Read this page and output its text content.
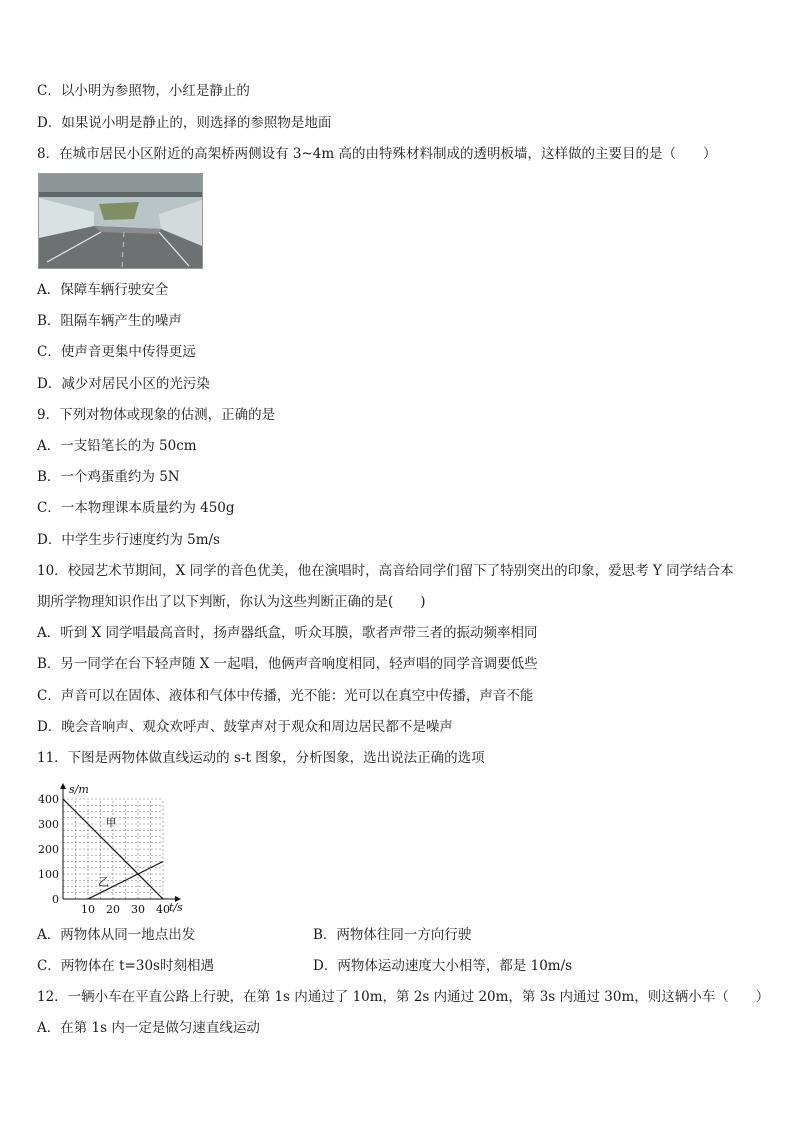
C．以小明为参照物，小红是静止的
D．如果说小明是静止的，则选择的参照物是地面
8．在城市居民小区附近的高架桥两侧设有 3~4m 高的由特殊材料制成的透明板墙，这样做的主要目的是（　　）
A．保障车辆行驶安全
B．阻隔车辆产生的噪声
C．使声音更集中传得更远
D．减少对居民小区的光污染
9．下列对物体或现象的估测，正确的是
A．一支铅笔长的为 50cm
B．一个鸡蛋重约为 5N
C．一本物理课本质量约为 450g
D．中学生步行速度约为 5m/s
10．校园艺术节期间，X 同学的音色优美，他在演唱时，高音给同学们留下了特别突出的印象，爱思考 Y 同学结合本
期所学物理知识作出了以下判断，你认为这些判断正确的是(　　)
A．听到 X 同学唱最高音时，扬声器纸盒，听众耳膜，歌者声带三者的振动频率相同
B．另一同学在台下轻声随 X 一起唱，他俩声音响度相同，轻声唱的同学音调要低些
C．声音可以在固体、液体和气体中传播，光不能：光可以在真空中传播，声音不能
D．晚会音响声、观众欢呼声、鼓掌声对于观众和周边居民都不是噪声
11．下图是两物体做直线运动的 s-t 图象，分析图象，选出说法正确的选项
甲
乙
0
100
200
300
400
10 20 30 40 t/s
s/m
A．两物体从同一地点出发	B．两物体往同一方向行驶
C．两物体在 t=30s时刻相遇	D．两物体运动速度大小相等，都是 10m/s
12．一辆小车在平直公路上行驶，在第 1s 内通过了 10m，第 2s 内通过 20m，第 3s 内通过 30m，则这辆小车（　　）
A．在第 1s 内一定是做匀速直线运动
